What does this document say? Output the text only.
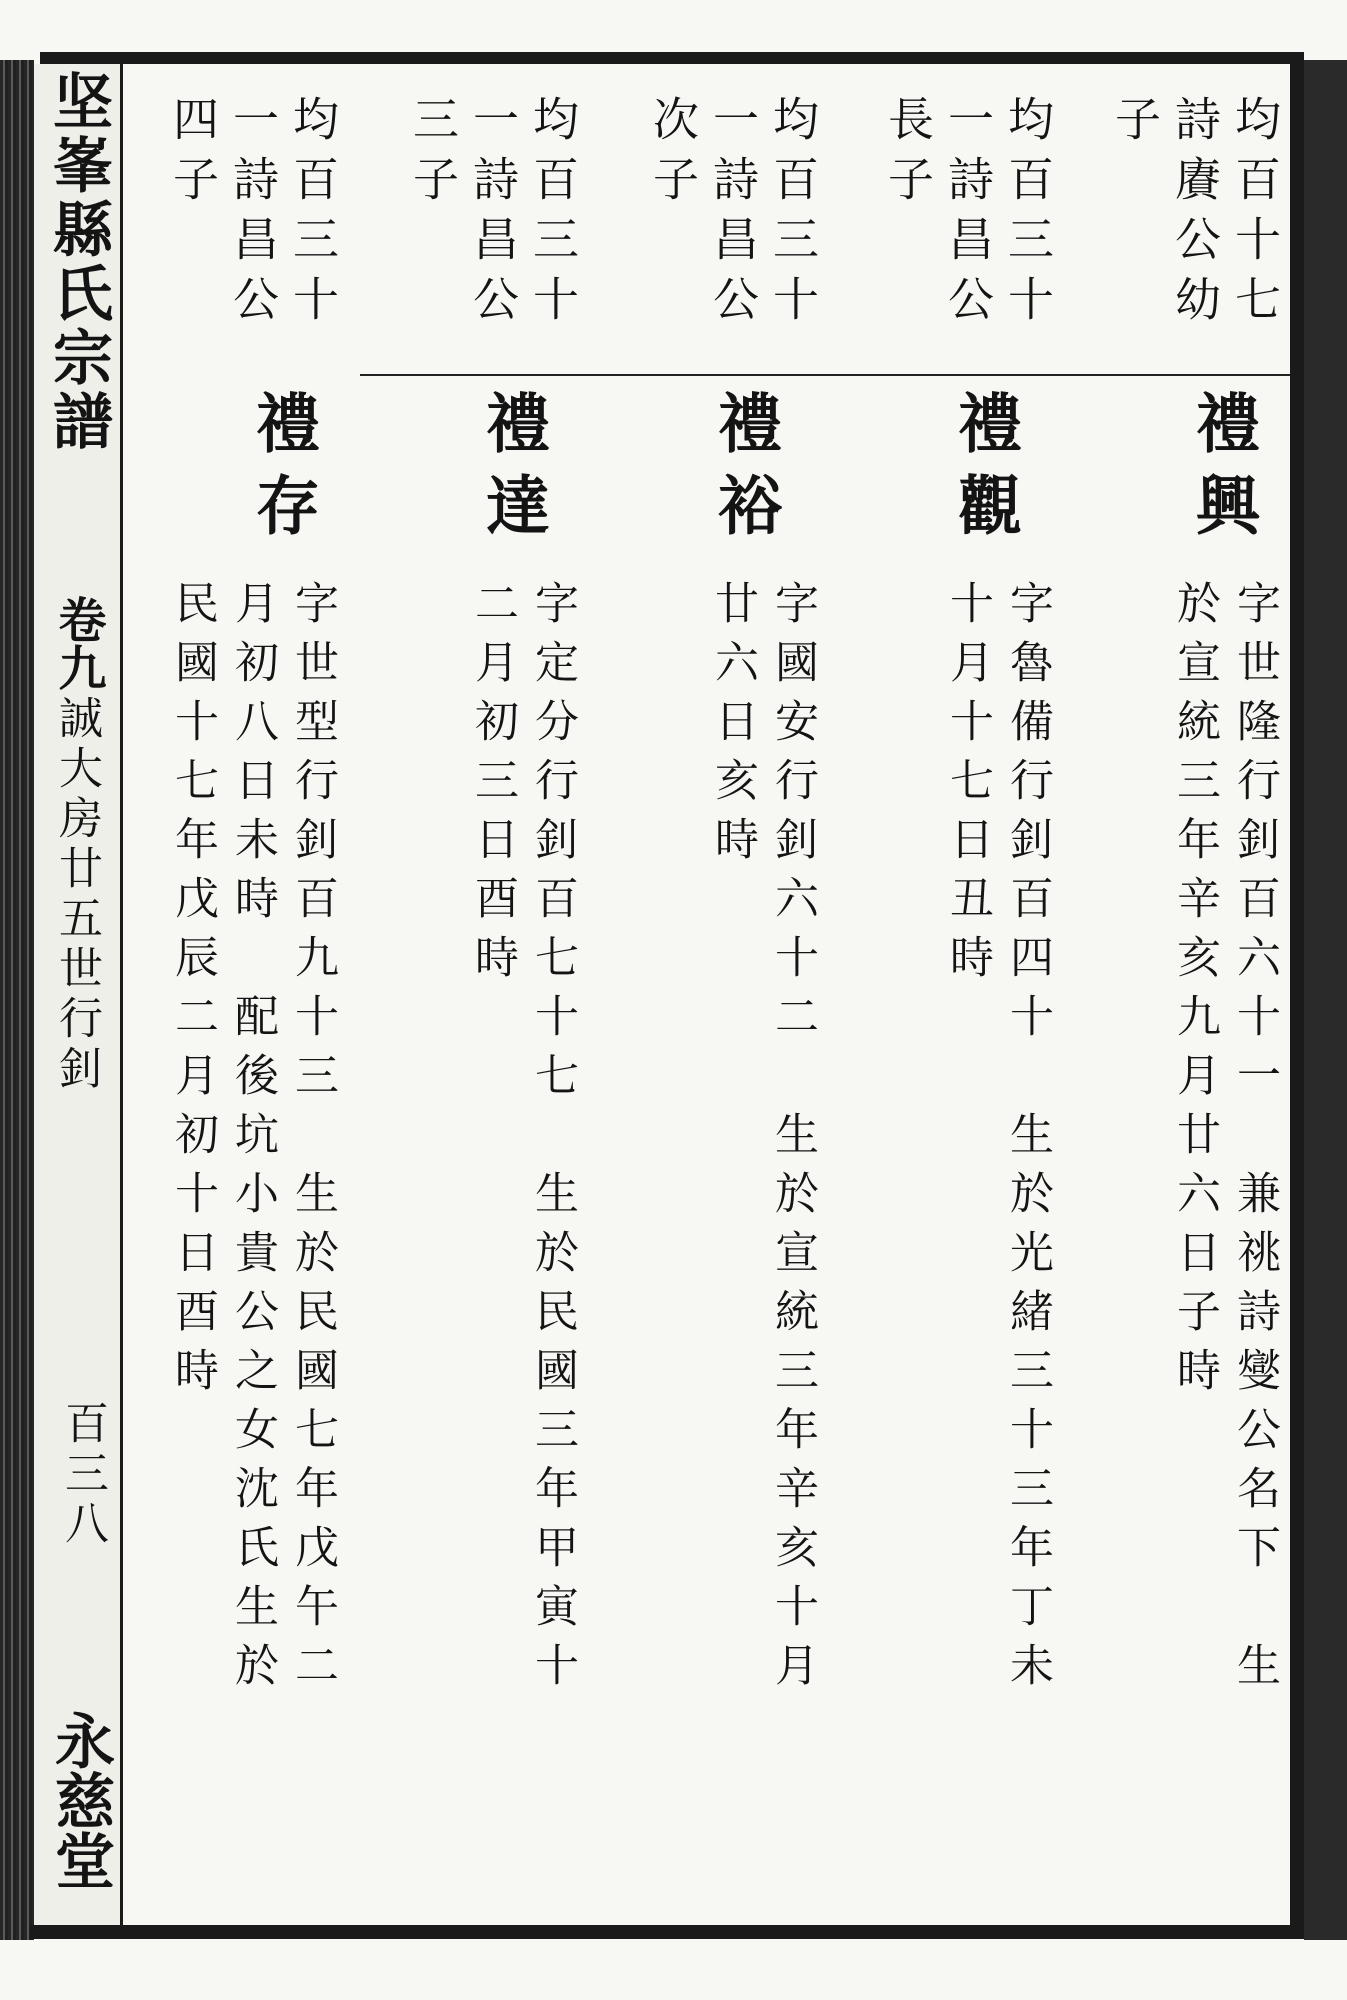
坚峯縣氏宗譜
卷九
誠大房廿五世行釗
百三八
永慈堂
均百十七
詩賡公幼
子
均百三十
一詩昌公
長子
均百三十
一詩昌公
次子
均百三十
一詩昌公
三子
均百三十
一詩昌公
四子
禮興
字世隆行釗百六十一　兼祧詩燮公名下　生
於宣統三年辛亥九月廿六日子時
禮觀
字魯備行釗百四十　生於光緒三十三年丁未
十月十七日丑時
禮裕
字國安行釗六十二　生於宣統三年辛亥十月
廿六日亥時
禮達
字定分行釗百七十七　生於民國三年甲寅十
二月初三日酉時
禮存
字世型行釗百九十三　生於民國七年戊午二
月初八日未時　配後坑小貴公之女沈氏生於
民國十七年戊辰二月初十日酉時
